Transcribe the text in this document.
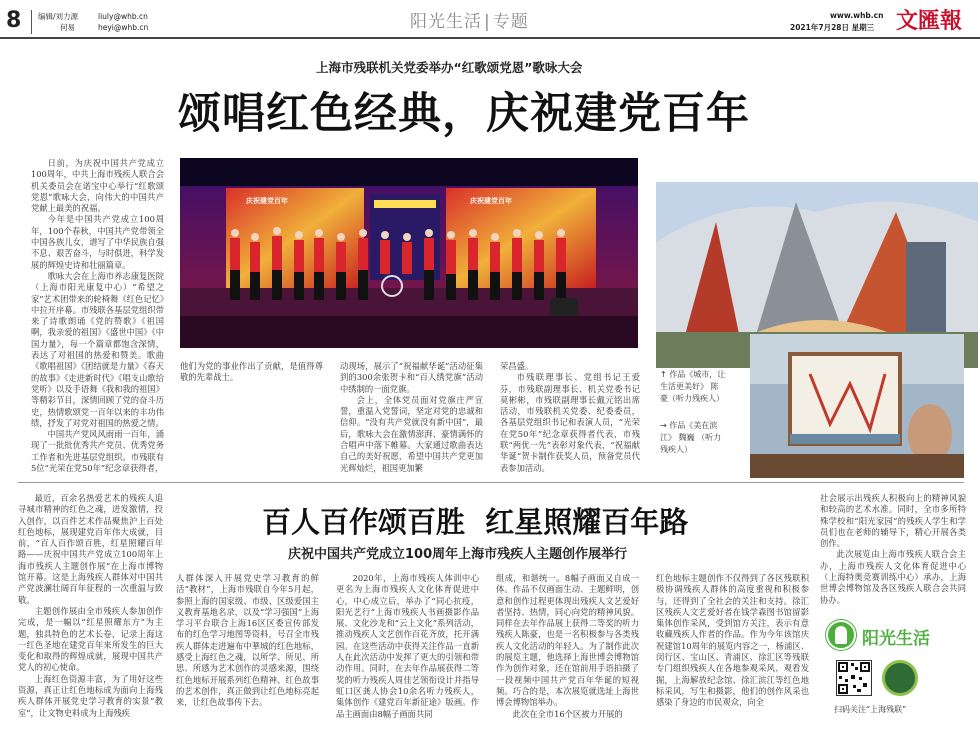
8 编辑/刘力源
何易
liuly@whb.cn
heyi@whb.cn	阳光生活 | 专题	www.whb.cn
2021年7月28日 星期三 文匯報
上海市残联机关党委举办“红歌颂党恩”歌咏大会
颂唱红色经典，庆祝建党百年

日前，为庆祝中国共产党成立100周年，中共上海市残疾人联合会机关委员会在诺宝中心举行“红歌颂党恩”歌咏大会，向伟大的中国共产党献上最美的祝福。

今年是中国共产党成立100周年，100个春秋，中国共产党带领全中国各族儿女，谱写了中华民族自强不息、艰苦奋斗，与时俱进，科学发展的辉煌史诗和壮丽篇章。

歌咏大会在上海市养志康复医院（上海市阳光康复中心）“希望之家”艺术团带来的轮椅舞《红色记忆》中拉开序幕。市残联各基层党组织带来了诗歌朗诵《党的赞歌》《祖国啊，我亲爱的祖国》《盛世中国》《中国力量》，每一个篇章都饱含深情，表达了对祖国的热爱和赞美。歌曲《歌唱祖国》《团结就是力量》《春天的故事》《走进新时代》《唱支山歌给党听》以及手语舞《我和我的祖国》等精彩节目，深情回顾了党的奋斗历史，热情歌颂党一百年以来的丰功伟绩，抒发了对党对祖国的热爱之情。

中国共产党风风雨雨一百年，涌现了一批批优秀共产党员、优秀党务工作者和先进基层党组织。市残联有5位“光荣在党50年”纪念章获得者，

庆祝建党百年	庆祝建党百年

他们为党的事业作出了贡献，是值得尊敬的先辈战士。

动现场，展示了“祝福献华诞”活动征集到的300余张贺卡和“百人绣党旗”活动中绣制的一面党旗。

会上，全体党员面对党旗庄严宣誓，重温入党誓词，坚定对党的忠诚和信仰。“没有共产党就没有新中国”，最后，歌咏大会在激情澎湃、豪情满怀的合唱声中落下帷幕。大家通过歌曲表达自己的美好祝愿，希望中国共产党更加光辉灿烂，祖国更加繁

荣昌盛。

市残联理事长、党组书记王爱芬，市残联副理事长、机关党委书记莫彬彬，市残联副理事长戴元铭出席活动，市残联机关党委、纪委委员，各基层党组织书记和表演人员，“光荣在党50年”纪念章获得者代表，市残联“两优一先”表彰对象代表，“祝福献华诞”贺卡制作获奖人员，预备党员代表参加活动。

↑ 作品《城市，让
生活更美好》 陈
豪（听力残疾人）
→ 作品《美在滨
江》 魏巍 （听力
残疾人）
百人百作颂百胜  红星照耀百年路
庆祝中国共产党成立100周年上海市残疾人主题创作展举行

最近，百余名热爱艺术的残疾人追寻城市精神的红色之魂，进发激情，投入创作，以百件艺术作品聚焦沪上百处红色地标，展现建党百年伟大成就，目前，“百人百作颂百胜，红星照耀百年路——庆祝中国共产党成立100周年上海市残疾人主题创作展”在上海市博物馆开幕。这是上海残疾人群体对中国共产党波澜壮阔百年征程的一次重温与致敬。

主题创作展由全市残疾人参加创作完成，是一幅以“红星照耀东方”为主题，独具特色的艺术长卷，记录上海这一红色圣地在建党百年来所发生的巨大变化和取得的辉煌成就，展现中国共产党人的初心使命。

上海红色资源丰富，为了用好这些资源，真正让红色地标成为面向上海残疾人群体开展党史学习教育的实景“教室”，让文物史料成为上海残疾

人群体深入开展党史学习教育的鲜活“教材”，上海市残联自今年5月起，参照上海的国家级、市级、区级爱国主义教育基地名录，以及“学习强国”上海学习平台联合上海16区区委宣传部发布的红色学习地图等资料，号召全市残疾人群体走进遍布中華城的红色地标，感受上海红色之魂，以所学、所见、所思、所感为艺术创作的灵感来源，围绕红色地标开展系列红色精神、红色故事的艺术创作，真正做到让红色地标亮起来，让红色故事传下去。

2020年，上海市残疾人体训中心更名为上海市残疾人文化体育促进中心，中心成立后，举办了“同心抗疫，阳光艺行”上海市残疾人书画摄影作品展、文化沙龙和“云上文化”系列活动，推动残疾人文艺创作百花齐放，托开满园。在这些活动中获得关注作品一直新人在此次活动中发挥了更大的引领和带动作用。同时，在去年作品展获得二等奖的听力残疾人周佳艺领衔设计并指导虹口区龚人协会10余名听力残疾人，集体创作《建党百年新征途》版画。作品主画面由8幅子画面共同

组成，和谐统一。8幅子画面又自成一体。作品不仅画面生动、主题鲜明，创意和创作过程更体现出残疾人文艺爱好者坚持、热情，同心向党的精神风貌。同样在去年作品展上获得二等奖的听力残疾人陈豪，也是一名积极参与各类残疾人文化活动的年轻人。为了制作此次的展览主题，他选择上海世博会博物馆作为创作对象，还在馆前用手语拍摄了一段视频中国共产党百年华诞的短视频。巧合的是，本次展览就选址上海世博会博物馆举办。

此次在全市16个区被力开展的

红色地标主题创作不仅得到了各区残联积极协调残疾人群体的高度重视和积极参与，还得到了全社会的关注和支持。徐汇区残疾人文艺爱好者在钱学森图书馆留影集体创作采风，受到馆方关注，表示有意收藏残疾人作者的作品。作为今年该馆庆祝建馆10周年的展览内容之一，杨浦区、闵行区、宝山区、青浦区、徐汇区等残联专门组织残疾人在各地参观采风、观看发掘，上海解放纪念馆、徐汇滨江等红色地标采风，写生和摄影，他们的创作风采也感染了身边的市民观众，向全

社会展示出残疾人积极向上的精神风貌和较高的艺术水准。同时，全市多所特殊学校和“阳光家园”的残疾人学生和学员们也在老师的辅导下，精心开展各类创作。

此次展览由上海市残疾人联合会主办，上海市残疾人文化体育促进中心（上海特奥竞赛训练中心）承办，上海世博会博物馆及各区残疾人联合会共同协办。

阳光生活
扫码关注“上海残联”
